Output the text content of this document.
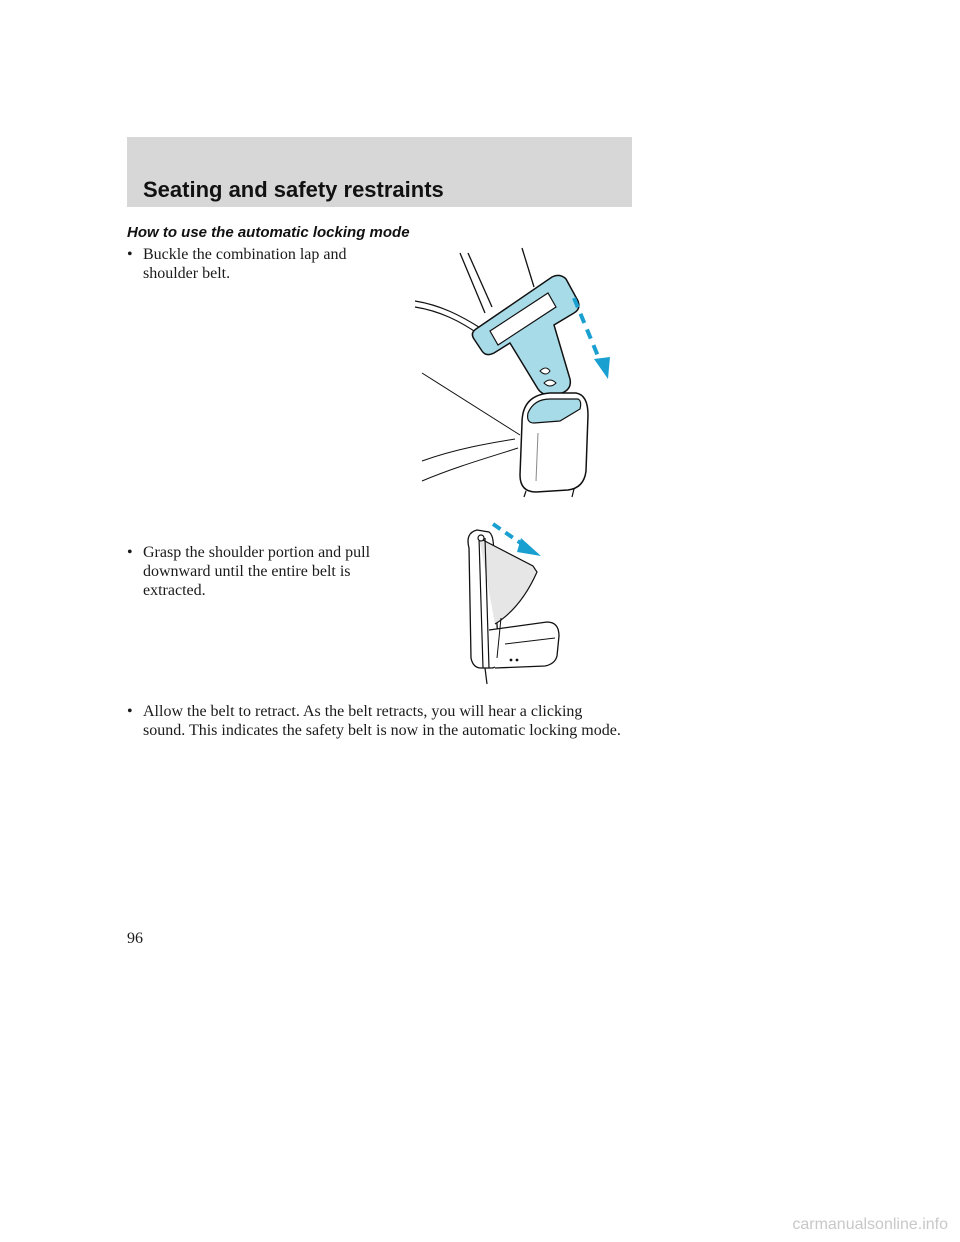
Seating and safety restraints
How to use the automatic locking mode
• Buckle the combination lap and shoulder belt.
• Grasp the shoulder portion and pull downward until the entire belt is extracted.
• Allow the belt to retract. As the belt retracts, you will hear a clicking sound. This indicates the safety belt is now in the automatic locking mode.
96
carmanualsonline.info
